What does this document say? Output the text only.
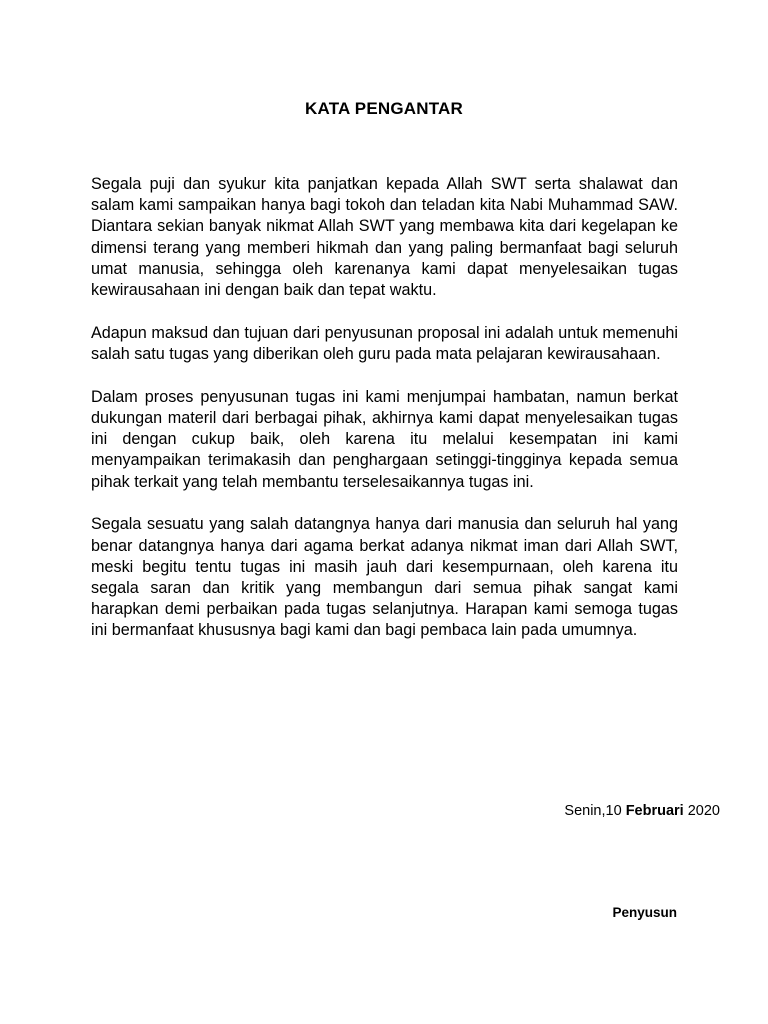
KATA PENGANTAR

Segala puji dan syukur kita panjatkan kepada Allah SWT serta shalawat dan salam kami sampaikan hanya bagi tokoh dan teladan kita Nabi Muhammad SAW. Diantara sekian banyak nikmat Allah SWT yang membawa kita dari kegelapan ke dimensi terang yang memberi hikmah dan yang paling bermanfaat bagi seluruh umat manusia, sehingga oleh karenanya kami dapat menyelesaikan tugas kewirausahaan ini dengan baik dan tepat waktu.

Adapun maksud dan tujuan dari penyusunan proposal ini adalah untuk memenuhi salah satu tugas yang diberikan oleh guru pada mata pelajaran kewirausahaan.

Dalam proses penyusunan tugas ini kami menjumpai hambatan, namun berkat dukungan materil dari berbagai pihak, akhirnya kami dapat menyelesaikan tugas ini dengan cukup baik, oleh karena itu melalui kesempatan ini kami menyampaikan terimakasih dan penghargaan setinggi-tingginya kepada semua pihak terkait yang telah membantu terselesaikannya tugas ini.

Segala sesuatu yang salah datangnya hanya dari manusia dan seluruh hal yang benar datangnya hanya dari agama berkat adanya nikmat iman dari Allah SWT, meski begitu tentu tugas ini masih jauh dari kesempurnaan, oleh karena itu segala saran dan kritik yang membangun dari semua pihak sangat kami harapkan demi perbaikan pada tugas selanjutnya. Harapan kami semoga tugas ini bermanfaat khususnya bagi kami dan bagi pembaca lain pada umumnya.

Senin,10 Februari 2020
Penyusun
